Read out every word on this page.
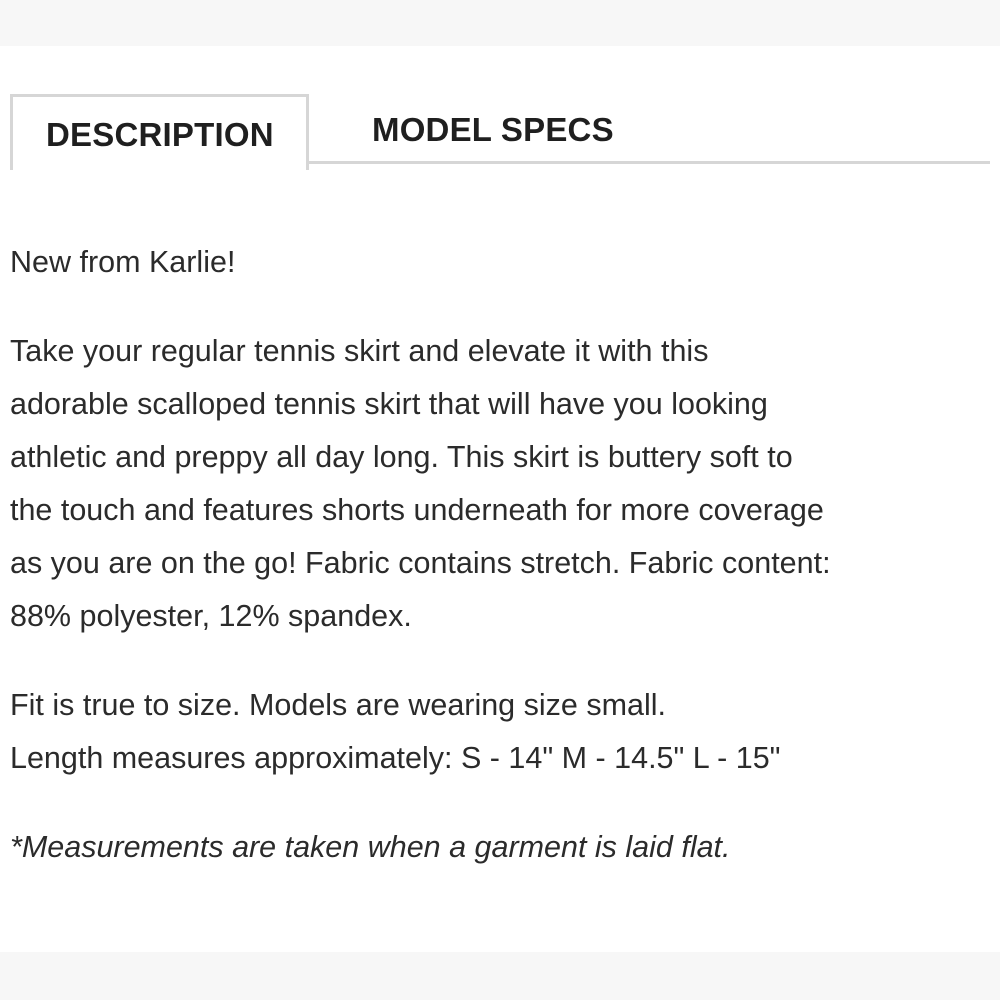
DESCRIPTION	MODEL SPECS

New from Karlie!

Take your regular tennis skirt and elevate it with this
adorable scalloped tennis skirt that will have you looking
athletic and preppy all day long. This skirt is buttery soft to
the touch and features shorts underneath for more coverage
as you are on the go! Fabric contains stretch. Fabric content:
88% polyester, 12% spandex.

Fit is true to size. Models are wearing size small.
Length measures approximately: S - 14" M - 14.5" L - 15"

*Measurements are taken when a garment is laid flat.
